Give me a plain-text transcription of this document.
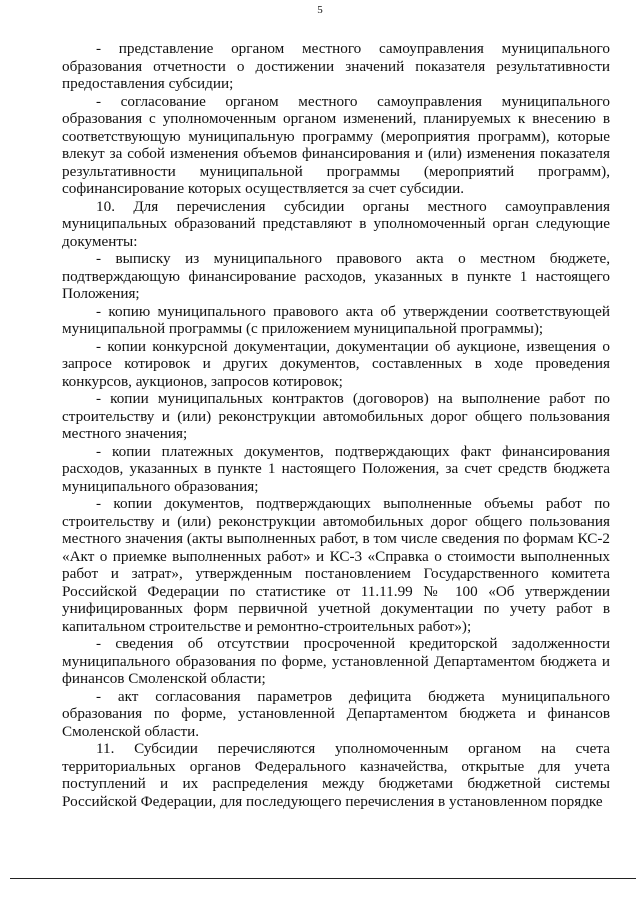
5

- представление органом местного самоуправления муниципального образования отчетности о достижении значений показателя результативности предоставления субсидии;

- согласование органом местного самоуправления муниципального образования с уполномоченным органом изменений, планируемых к внесению в соответствующую муниципальную программу (мероприятия программ), которые влекут за собой изменения объемов финансирования и (или) изменения показателя результативности муниципальной программы (мероприятий программ), софинансирование которых осуществляется за счет субсидии.

10. Для перечисления субсидии органы местного самоуправления муниципальных образований представляют в уполномоченный орган следующие документы:

- выписку из муниципального правового акта о местном бюджете, подтверждающую финансирование расходов, указанных в пункте 1 настоящего Положения;

- копию муниципального правового акта об утверждении соответствующей муниципальной программы (с приложением муниципальной программы);

- копии конкурсной документации, документации об аукционе, извещения о запросе котировок и других документов, составленных в ходе проведения конкурсов, аукционов, запросов котировок;

- копии муниципальных контрактов (договоров) на выполнение работ по строительству и (или) реконструкции автомобильных дорог общего пользования местного значения;

- копии платежных документов, подтверждающих факт финансирования расходов, указанных в пункте 1 настоящего Положения, за счет средств бюджета муниципального образования;

- копии документов, подтверждающих выполненные объемы работ по строительству и (или) реконструкции автомобильных дорог общего пользования местного значения (акты выполненных работ, в том числе сведения по формам КС-2 «Акт о приемке выполненных работ» и КС-3 «Справка о стоимости выполненных работ и затрат», утвержденным постановлением Государственного комитета Российской Федерации по статистике от 11.11.99 № 100 «Об утверждении унифицированных форм первичной учетной документации по учету работ в капитальном строительстве и ремонтно-строительных работ»);

- сведения об отсутствии просроченной кредиторской задолженности муниципального образования по форме, установленной Департаментом бюджета и финансов Смоленской области;

- акт согласования параметров дефицита бюджета муниципального образования по форме, установленной Департаментом бюджета и финансов Смоленской области.

11. Субсидии перечисляются уполномоченным органом на счета территориальных органов Федерального казначейства, открытые для учета поступлений и их распределения между бюджетами бюджетной системы Российской Федерации, для последующего перечисления в установленном порядке
